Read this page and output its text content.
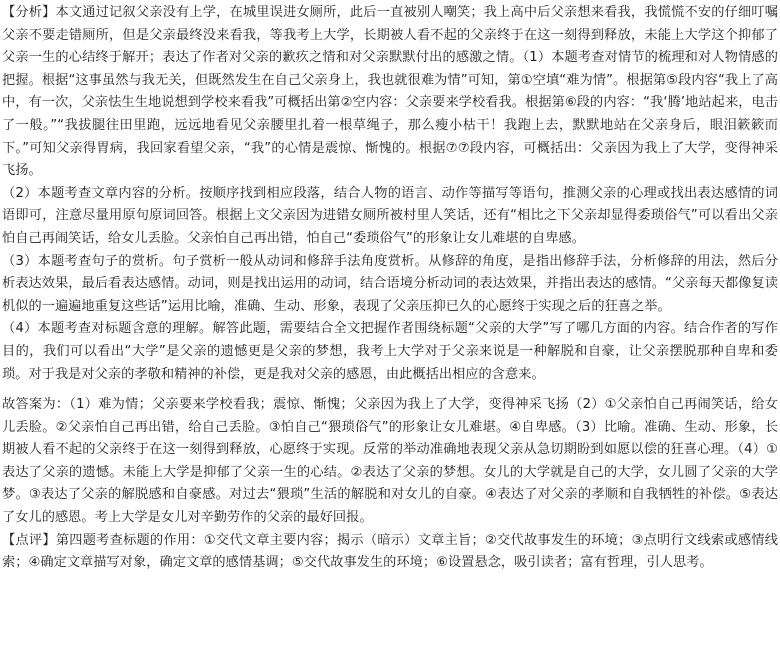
【分析】本文通过记叙父亲没有上学，在城里误进女厕所，此后一直被别人嘲笑；我上高中后父亲想来看我，我慌慌不安的仔细叮嘱父亲不要走错厕所，但是父亲最终没来看我，等我考上大学，长期被人看不起的父亲终于在这一刻得到释放，未能上大学这个抑郁了父亲一生的心结终于解开；表达了作者对父亲的歉疚之情和对父亲默默付出的感激之情。（1）本题考查对情节的梳理和对人物情感的把握。根据“这事虽然与我无关，但既然发生在自己父亲身上，我也就很难为情”可知，第①空填“难为情”。根据第⑤段内容“我上了高中，有一次，父亲怯生生地说想到学校来看我”可概括出第②空内容：父亲要来学校看我。根据第⑥段的内容：“我‘腾’地站起来，电击了一般。”“我拔腿往田里跑，远远地看见父亲腰里扎着一根草绳子，那么瘦小枯干！我跑上去，默默地站在父亲身后，眼泪簌簌而下。”可知父亲得胃病，我回家看望父亲，“我”的心情是震惊、惭愧的。根据⑦⑦段内容，可概括出：父亲因为我上了大学，变得神采飞扬。

（2）本题考查文章内容的分析。按顺序找到相应段落，结合人物的语言、动作等描写等语句，推测父亲的心理或找出表达感情的词语即可，注意尽量用原句原词回答。根据上文父亲因为进错女厕所被村里人笑话，还有“相比之下父亲却显得委琐俗气”可以看出父亲怕自己再闹笑话，给女儿丢脸。父亲怕自己再出错，怕自己“委琐俗气”的形象让女儿难堪的自卑感。

（3）本题考查句子的赏析。句子赏析一般从动词和修辞手法角度赏析。从修辞的角度，是指出修辞手法，分析修辞的用法，然后分析表达效果，最后看表达感情。动词，则是找出运用的动词，结合语境分析动词的表达效果，并指出表达的感情。“父亲每天都像复读机似的一遍遍地重复这些话”运用比喻，准确、生动、形象，表现了父亲压抑已久的心愿终于实现之后的狂喜之举。

（4）本题考查对标题含意的理解。解答此题，需要结合全文把握作者围绕标题“父亲的大学”写了哪几方面的内容。结合作者的写作目的，我们可以看出“大学”是父亲的遗憾更是父亲的梦想，我考上大学对于父亲来说是一种解脱和自豪，让父亲摆脱那种自卑和委琐。对于我是对父亲的孝敬和精神的补偿，更是我对父亲的感恩，由此概括出相应的含意来。

故答案为：（1）难为情；父亲要来学校看我；震惊、惭愧；父亲因为我上了大学，变得神采飞扬（2）①父亲怕自己再闹笑话，给女儿丢脸。②父亲怕自己再出错，给自己丢脸。③怕自己“猥琐俗气”的形象让女儿难堪。④自卑感。（3）比喻。准确、生动、形象，长期被人看不起的父亲终于在这一刻得到释放，心愿终于实现。反常的举动准确地表现父亲从急切期盼到如愿以偿的狂喜心理。（4）①表达了父亲的遗憾。未能上大学是抑郁了父亲一生的心结。②表达了父亲的梦想。女儿的大学就是自己的大学，女儿圆了父亲的大学梦。③表达了父亲的解脱感和自豪感。对过去“猥琐”生活的解脱和对女儿的自豪。④表达了对父亲的孝顺和自我牺牲的补偿。⑤表达了女儿的感恩。考上大学是女儿对辛勤劳作的父亲的最好回报。

【点评】第四题考查标题的作用：①交代文章主要内容；揭示（暗示）文章主旨；②交代故事发生的环境；③点明行文线索或感情线索；④确定文章描写对象，确定文章的感情基调；⑤交代故事发生的环境；⑥设置悬念，吸引读者；富有哲理，引人思考。
